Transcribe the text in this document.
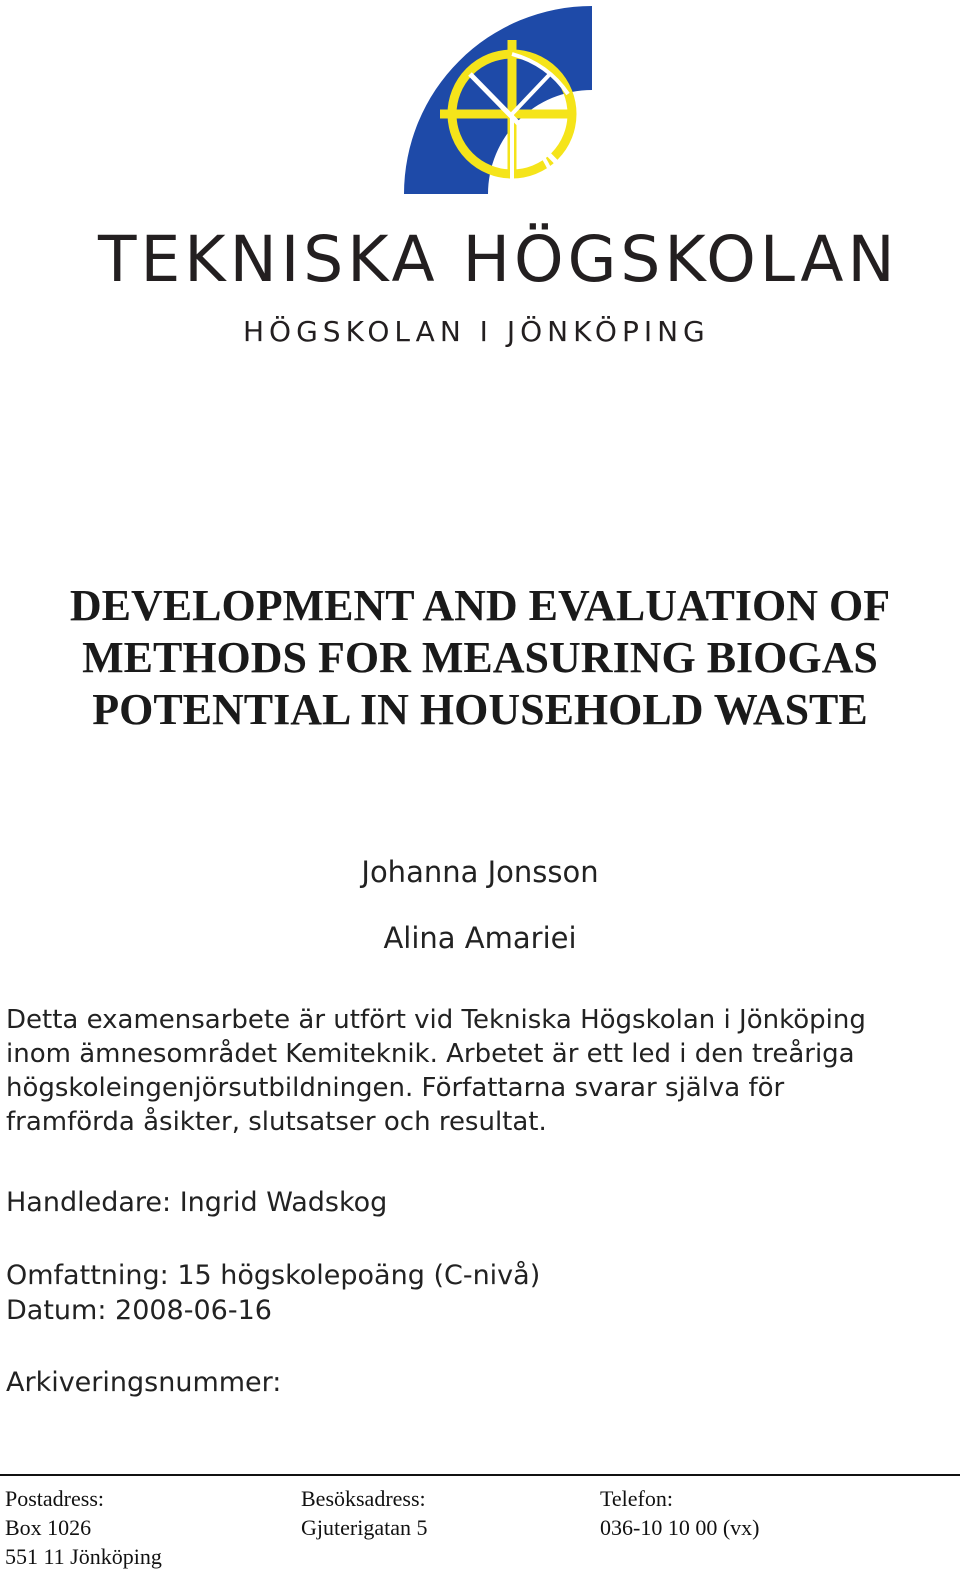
TEKNISKA HÖGSKOLAN
HÖGSKOLAN I JÖNKÖPING
DEVELOPMENT AND EVALUATION OF
METHODS FOR MEASURING BIOGAS
POTENTIAL IN HOUSEHOLD WASTE
Johanna Jonsson
Alina Amariei
Detta examensarbete är utfört vid Tekniska Högskolan i Jönköping
inom ämnesområdet Kemiteknik. Arbetet är ett led i den treåriga
högskoleingenjörsutbildningen. Författarna svarar själva för
framförda åsikter, slutsatser och resultat.
Handledare: Ingrid Wadskog
Omfattning: 15 högskolepoäng (C-nivå)
Datum: 2008-06-16
Arkiveringsnummer:
Postadress:
Box 1026
551 11 Jönköping
Besöksadress:
Gjuterigatan 5
Telefon:
036-10 10 00 (vx)
